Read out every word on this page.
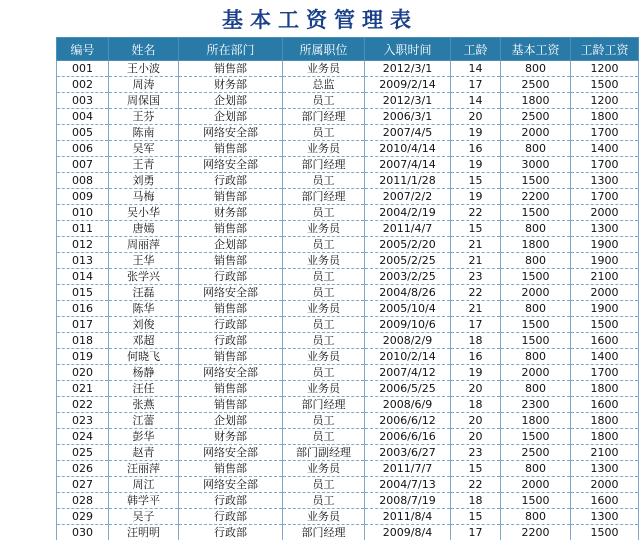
基本工资管理表
编号	姓名	所在部门	所属职位	入职时间	工龄	基本工资	工龄工资
001	王小波	销售部	业务员	2012/3/1	14	800	1200
002	周涛	财务部	总监	2009/2/14	17	2500	1500
003	周保国	企划部	员工	2012/3/1	14	1800	1200
004	王芬	企划部	部门经理	2006/3/1	20	2500	1800
005	陈南	网络安全部	员工	2007/4/5	19	2000	1700
006	吴军	销售部	业务员	2010/4/14	16	800	1400
007	王青	网络安全部	部门经理	2007/4/14	19	3000	1700
008	刘勇	行政部	员工	2011/1/28	15	1500	1300
009	马梅	销售部	部门经理	2007/2/2	19	2200	1700
010	吴小华	财务部	员工	2004/2/19	22	1500	2000
011	唐嫣	销售部	业务员	2011/4/7	15	800	1300
012	周丽萍	企划部	员工	2005/2/20	21	1800	1900
013	王华	销售部	业务员	2005/2/25	21	800	1900
014	张学兴	行政部	员工	2003/2/25	23	1500	2100
015	汪磊	网络安全部	员工	2004/8/26	22	2000	2000
016	陈华	销售部	业务员	2005/10/4	21	800	1900
017	刘俊	行政部	员工	2009/10/6	17	1500	1500
018	邓超	行政部	员工	2008/2/9	18	1500	1600
019	何晓飞	销售部	业务员	2010/2/14	16	800	1400
020	杨静	网络安全部	员工	2007/4/12	19	2000	1700
021	汪任	销售部	业务员	2006/5/25	20	800	1800
022	张燕	销售部	部门经理	2008/6/9	18	2300	1600
023	江蕾	企划部	员工	2006/6/12	20	1800	1800
024	彭华	财务部	员工	2006/6/16	20	1500	1800
025	赵青	网络安全部	部门副经理	2003/6/27	23	2500	2100
026	汪丽萍	销售部	业务员	2011/7/7	15	800	1300
027	周江	网络安全部	员工	2004/7/13	22	2000	2000
028	韩学平	行政部	员工	2008/7/19	18	1500	1600
029	吴子	行政部	业务员	2011/8/4	15	800	1300
030	汪明明	行政部	部门经理	2009/8/4	17	2200	1500
